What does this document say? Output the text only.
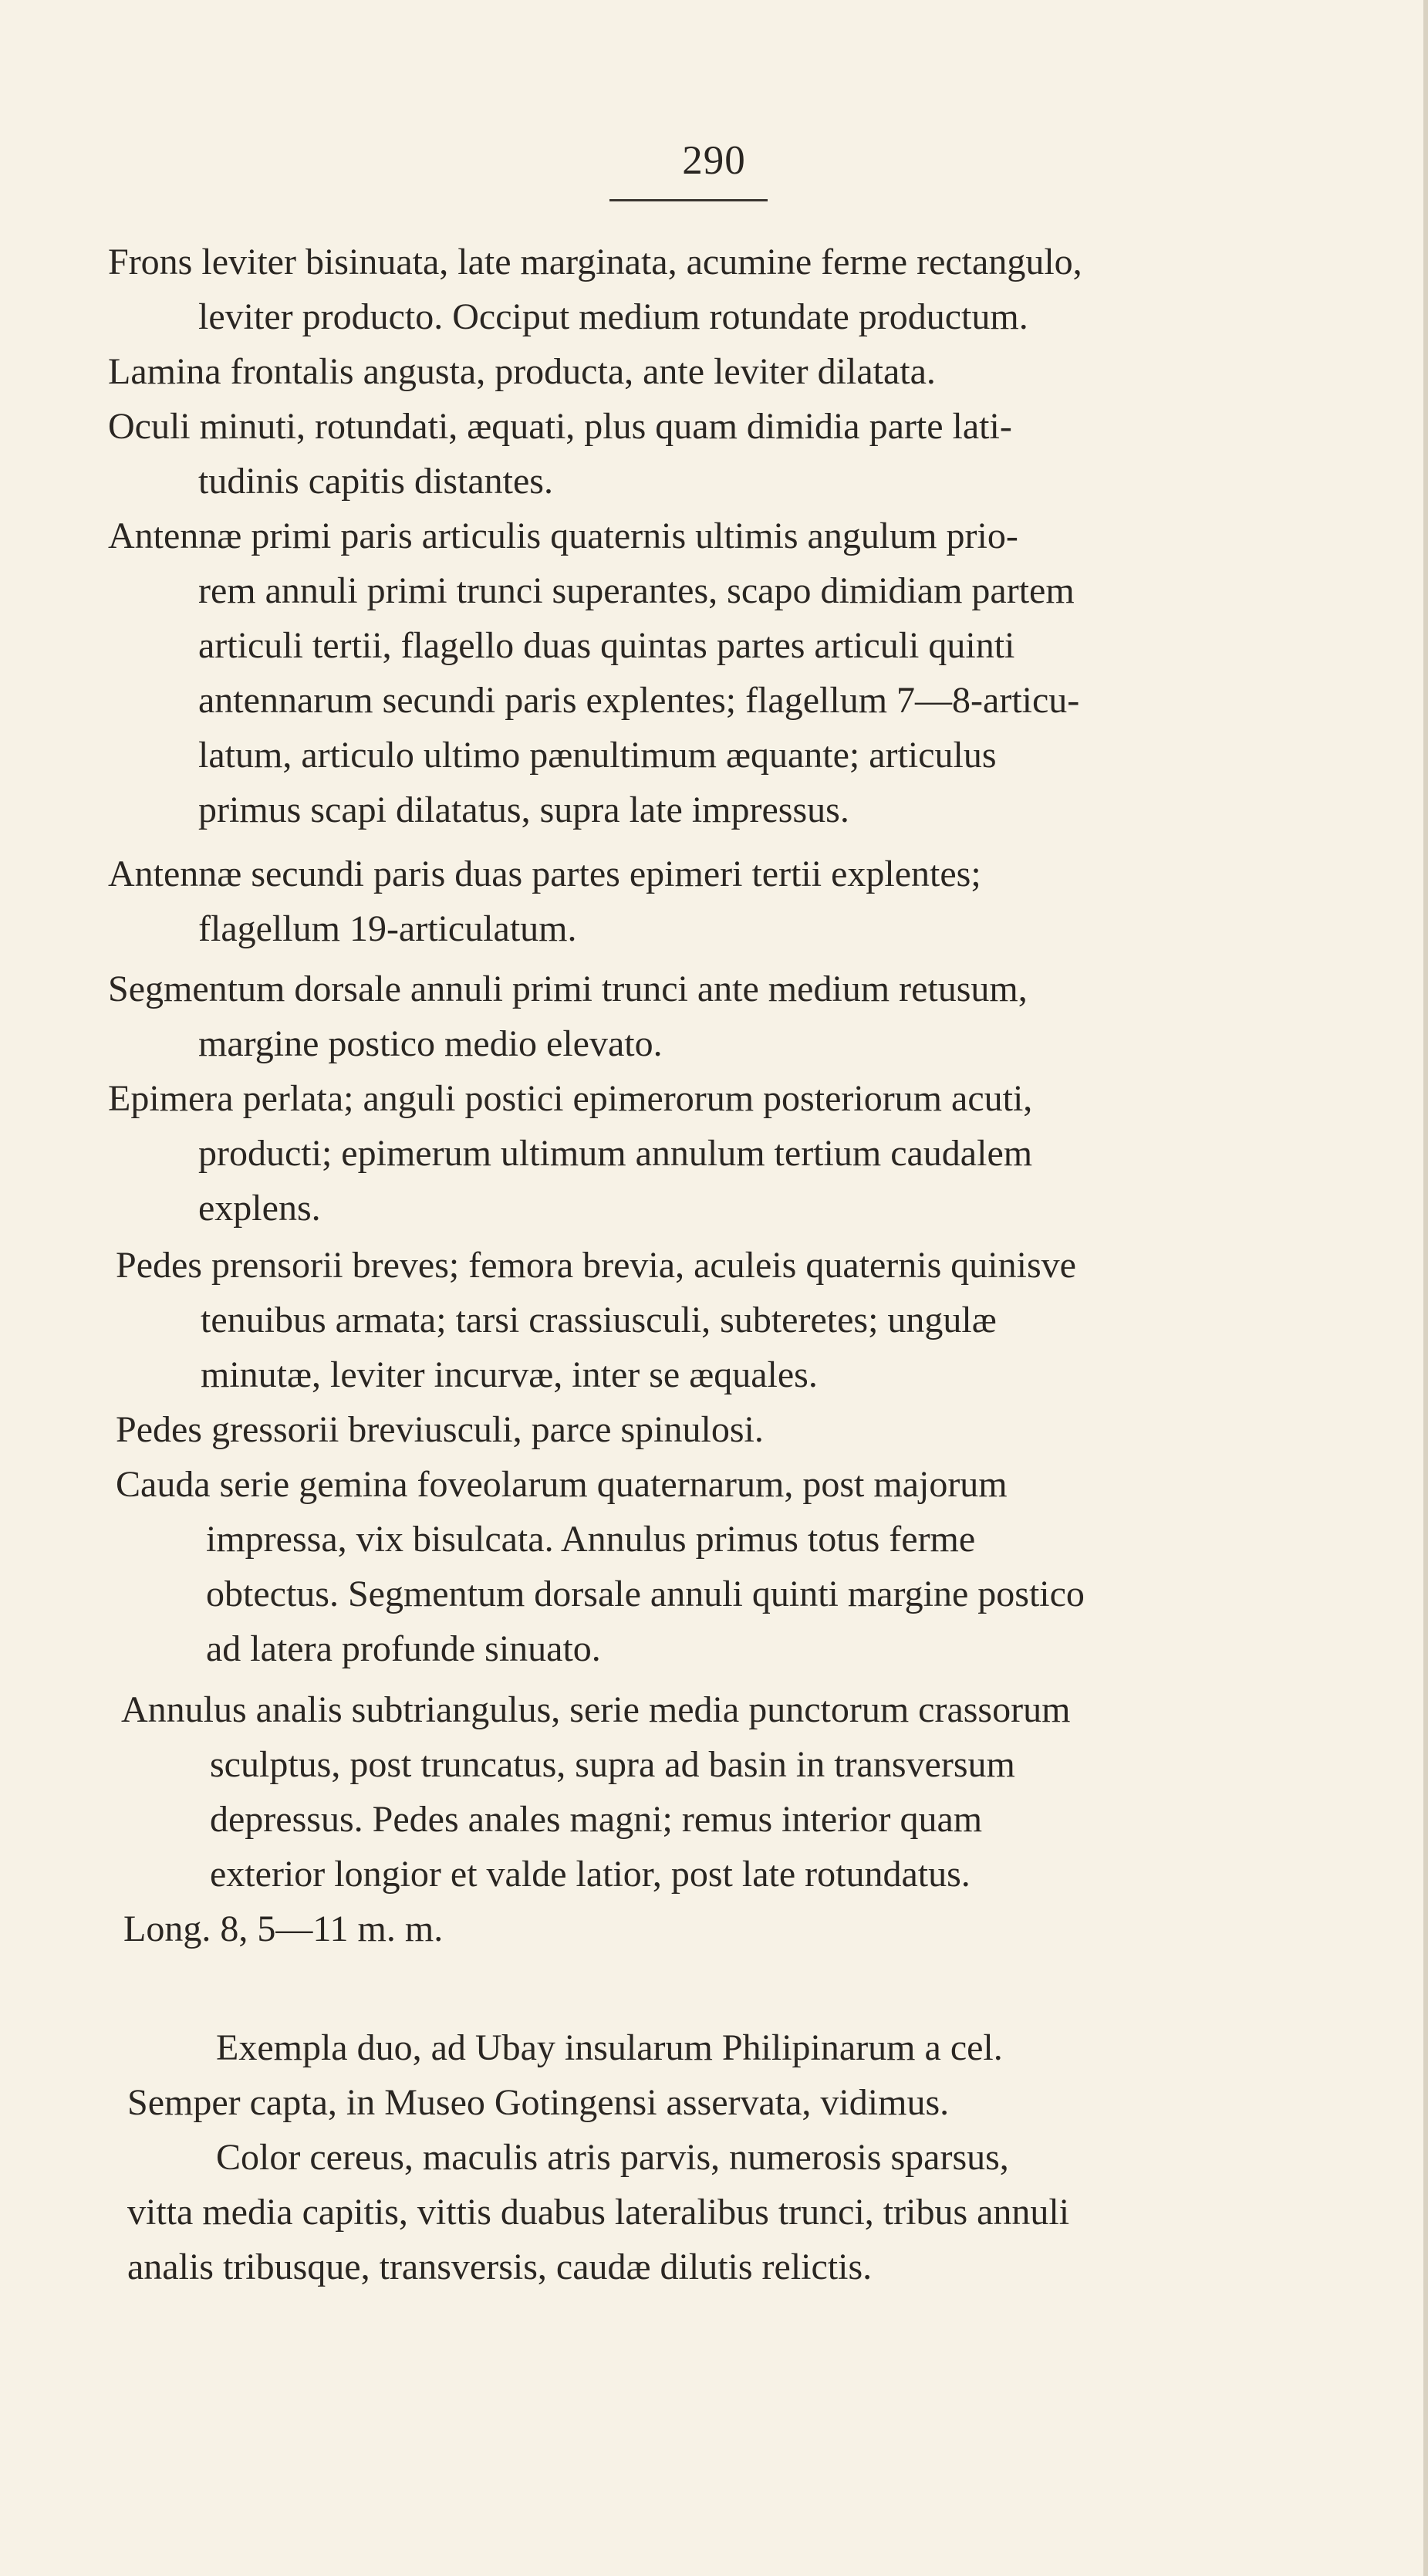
290
Frons leviter bisinuata, late marginata, acumine ferme rectangulo,
leviter producto. Occiput medium rotundate productum.
Lamina frontalis angusta, producta, ante leviter dilatata.
Oculi minuti, rotundati, æquati, plus quam dimidia parte lati-
tudinis capitis distantes.
Antennæ primi paris articulis quaternis ultimis angulum prio-
rem annuli primi trunci superantes, scapo dimidiam partem
articuli tertii, flagello duas quintas partes articuli quinti
antennarum secundi paris explentes; flagellum 7—8-articu-
latum, articulo ultimo pænultimum æquante; articulus
primus scapi dilatatus, supra late impressus.
Antennæ secundi paris duas partes epimeri tertii explentes;
flagellum 19-articulatum.
Segmentum dorsale annuli primi trunci ante medium retusum,
margine postico medio elevato.
Epimera perlata; anguli postici epimerorum posteriorum acuti,
producti; epimerum ultimum annulum tertium caudalem
explens.
Pedes prensorii breves; femora brevia, aculeis quaternis quinisve
tenuibus armata; tarsi crassiusculi, subteretes; ungulæ
minutæ, leviter incurvæ, inter se æquales.
Pedes gressorii breviusculi, parce spinulosi.
Cauda serie gemina foveolarum quaternarum, post majorum
impressa, vix bisulcata. Annulus primus totus ferme
obtectus. Segmentum dorsale annuli quinti margine postico
ad latera profunde sinuato.
Annulus analis subtriangulus, serie media punctorum crassorum
sculptus, post truncatus, supra ad basin in transversum
depressus. Pedes anales magni; remus interior quam
exterior longior et valde latior, post late rotundatus.
Long. 8, 5—11 m. m.
Exempla duo, ad Ubay insularum Philipinarum a cel.
Semper capta, in Museo Gotingensi asservata, vidimus.
Color cereus, maculis atris parvis, numerosis sparsus,
vitta media capitis, vittis duabus lateralibus trunci, tribus annuli
analis tribusque, transversis, caudæ dilutis relictis.
